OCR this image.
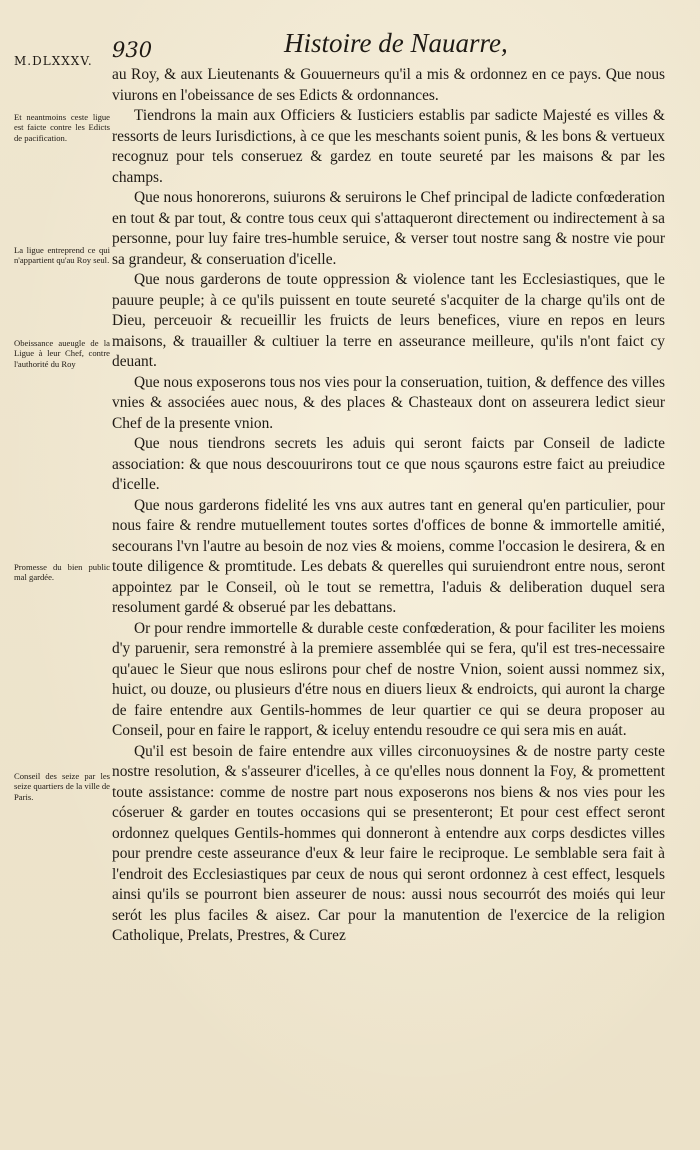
M.DLXXXV. 930	Histoire de Nauarre,
Et neantmoins ceste ligue est faicte contre les Edicts de pacification.
La ligue entreprend ce qui n'appartient qu'au Roy seul.
Obeissance aueugle de la Ligue à leur Chef, contre l'authorité du Roy
Promesse du bien public mal gardée.
Conseil des seize par les seize quartiers de la ville de Paris.

au Roy, & aux Lieutenants & Gouuerneurs qu'il a mis & ordonnez en ce pays. Que nous viurons en l'obeissance de ses Edicts & ordonnances.

Tiendrons la main aux Officiers & Iusticiers establis par sadicte Majesté es villes & ressorts de leurs Iurisdictions, à ce que les meschants soient punis, & les bons & vertueux recognuz pour tels conseruez & gardez en toute seureté par les maisons & par les champs.

Que nous honorerons, suiurons & seruirons le Chef principal de ladicte confœderation en tout & par tout, & contre tous ceux qui s'attaqueront directement ou indirectement à sa personne, pour luy faire tres-humble seruice, & verser tout nostre sang & nostre vie pour sa grandeur, & conseruation d'icelle.

Que nous garderons de toute oppression & violence tant les Ecclesiastiques, que le pauure peuple; à ce qu'ils puissent en toute seureté s'acquiter de la charge qu'ils ont de Dieu, perceuoir & recueillir les fruicts de leurs benefices, viure en repos en leurs maisons, & trauailler & cultiuer la terre en asseurance meilleure, qu'ils n'ont faict cy deuant.

Que nous exposerons tous nos vies pour la conseruation, tuition, & deffence des villes vnies & associées auec nous, & des places & Chasteaux dont on asseurera ledict sieur Chef de la presente vnion.

Que nous tiendrons secrets les aduis qui seront faicts par Conseil de ladicte association: & que nous descouurirons tout ce que nous sçaurons estre faict au preiudice d'icelle.

Que nous garderons fidelité les vns aux autres tant en general qu'en particulier, pour nous faire & rendre mutuellement toutes sortes d'offices de bonne & immortelle amitié, secourans l'vn l'autre au besoin de noz vies & moiens, comme l'occasion le desirera, & en toute diligence & promtitude. Les debats & querelles qui suruiendront entre nous, seront appointez par le Conseil, où le tout se remettra, l'aduis & deliberation duquel sera resolument gardé & obserué par les debattans.

Or pour rendre immortelle & durable ceste confœderation, & pour faciliter les moiens d'y paruenir, sera remonstré à la premiere assemblée qui se fera, qu'il est tres-necessaire qu'auec le Sieur que nous eslirons pour chef de nostre Vnion, soient aussi nommez six, huict, ou douze, ou plusieurs d'étre nous en diuers lieux & endroicts, qui auront la charge de faire entendre aux Gentils-hommes de leur quartier ce qui se deura proposer au Conseil, pour en faire le rapport, & iceluy entendu resoudre ce qui sera mis en auát.

Qu'il est besoin de faire entendre aux villes circonuoysines & de nostre party ceste nostre resolution, & s'asseurer d'icelles, à ce qu'elles nous donnent la Foy, & promettent toute assistance: comme de nostre part nous exposerons nos biens & nos vies pour les cóseruer & garder en toutes occasions qui se presenteront; Et pour cest effect seront ordonnez quelques Gentils-hommes qui donneront à entendre aux corps desdictes villes pour prendre ceste asseurance d'eux & leur faire le reciproque. Le semblable sera fait à l'endroit des Ecclesiastiques par ceux de nous qui seront ordonnez à cest effect, lesquels ainsi qu'ils se pourront bien asseurer de nous: aussi nous secourrót des moiés qui leur serót les plus faciles & aisez. Car pour la manutention de l'exercice de la religion Catholique, Prelats, Prestres, & Curez
